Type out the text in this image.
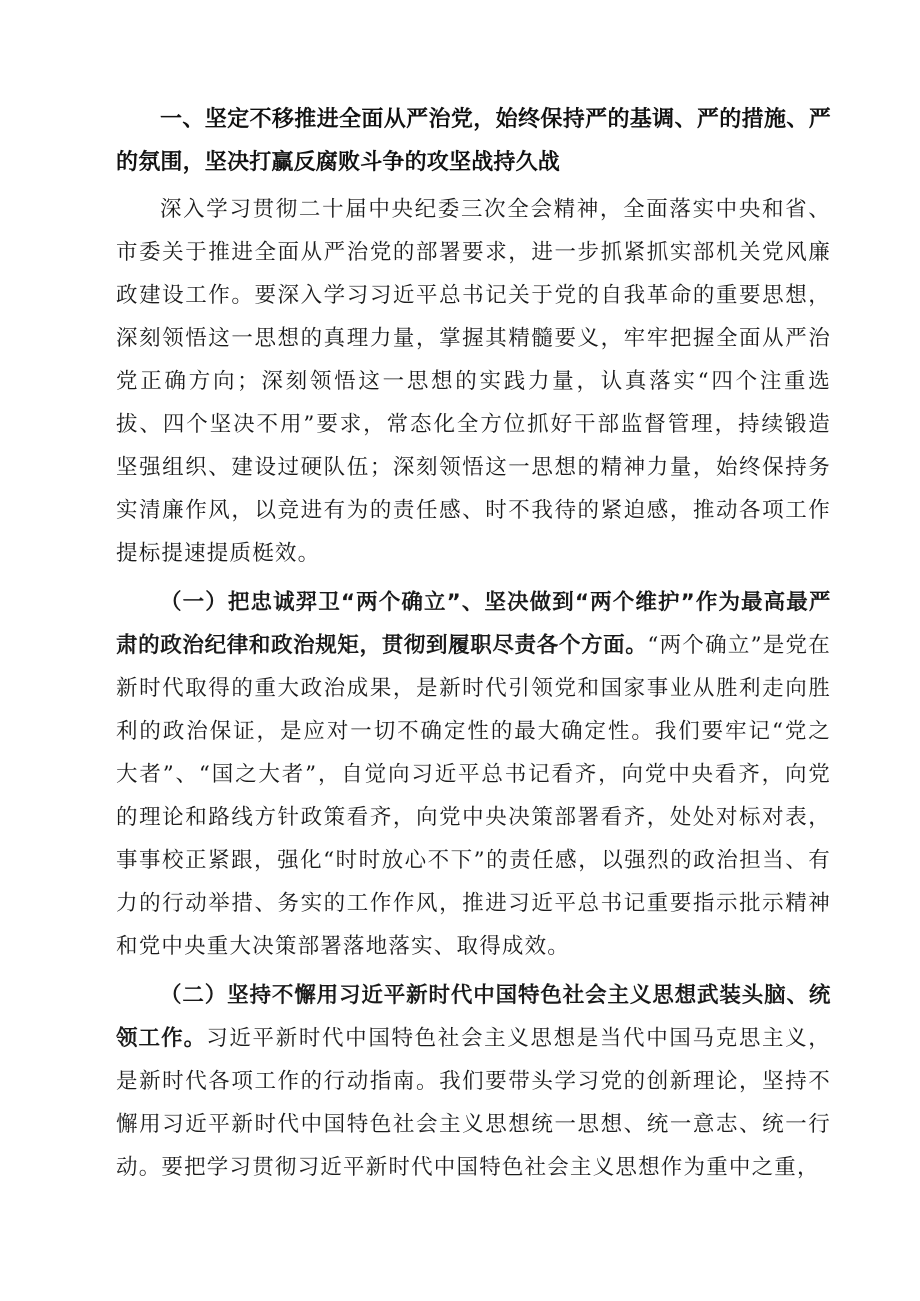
一、坚定不移推进全面从严治党，始终保持严的基调、严的措施、严的氛围，坚决打赢反腐败斗争的攻坚战持久战

深入学习贯彻二十届中央纪委三次全会精神，全面落实中央和省、市委关于推进全面从严治党的部署要求，进一步抓紧抓实部机关党风廉政建设工作。要深入学习习近平总书记关于党的自我革命的重要思想，深刻领悟这一思想的真理力量，掌握其精髓要义，牢牢把握全面从严治党正确方向；深刻领悟这一思想的实践力量，认真落实“四个注重选拔、四个坚决不用”要求，常态化全方位抓好干部监督管理，持续锻造坚强组织、建设过硬队伍；深刻领悟这一思想的精神力量，始终保持务实清廉作风，以竞进有为的责任感、时不我待的紧迫感，推动各项工作提标提速提质梃效。

（一）把忠诚羿卫“两个确立”、坚决做到“两个维护”作为最高最严肃的政治纪律和政治规矩，贯彻到履职尽责各个方面。“两个确立”是党在新时代取得的重大政治成果，是新时代引领党和国家事业从胜利走向胜利的政治保证，是应对一切不确定性的最大确定性。我们要牢记“党之大者”、“国之大者”，自觉向习近平总书记看齐，向党中央看齐，向党的理论和路线方针政策看齐，向党中央决策部署看齐，处处对标对表，事事校正紧跟，强化“时时放心不下”的责任感，以强烈的政治担当、有力的行动举措、务实的工作作风，推进习近平总书记重要指示批示精神和党中央重大决策部署落地落实、取得成效。

（二）坚持不懈用习近平新时代中国特色社会主义思想武装头脑、统领工作。习近平新时代中国特色社会主义思想是当代中国马克思主义，是新时代各项工作的行动指南。我们要带头学习党的创新理论，坚持不懈用习近平新时代中国特色社会主义思想统一思想、统一意志、统一行动。要把学习贯彻习近平新时代中国特色社会主义思想作为重中之重，
